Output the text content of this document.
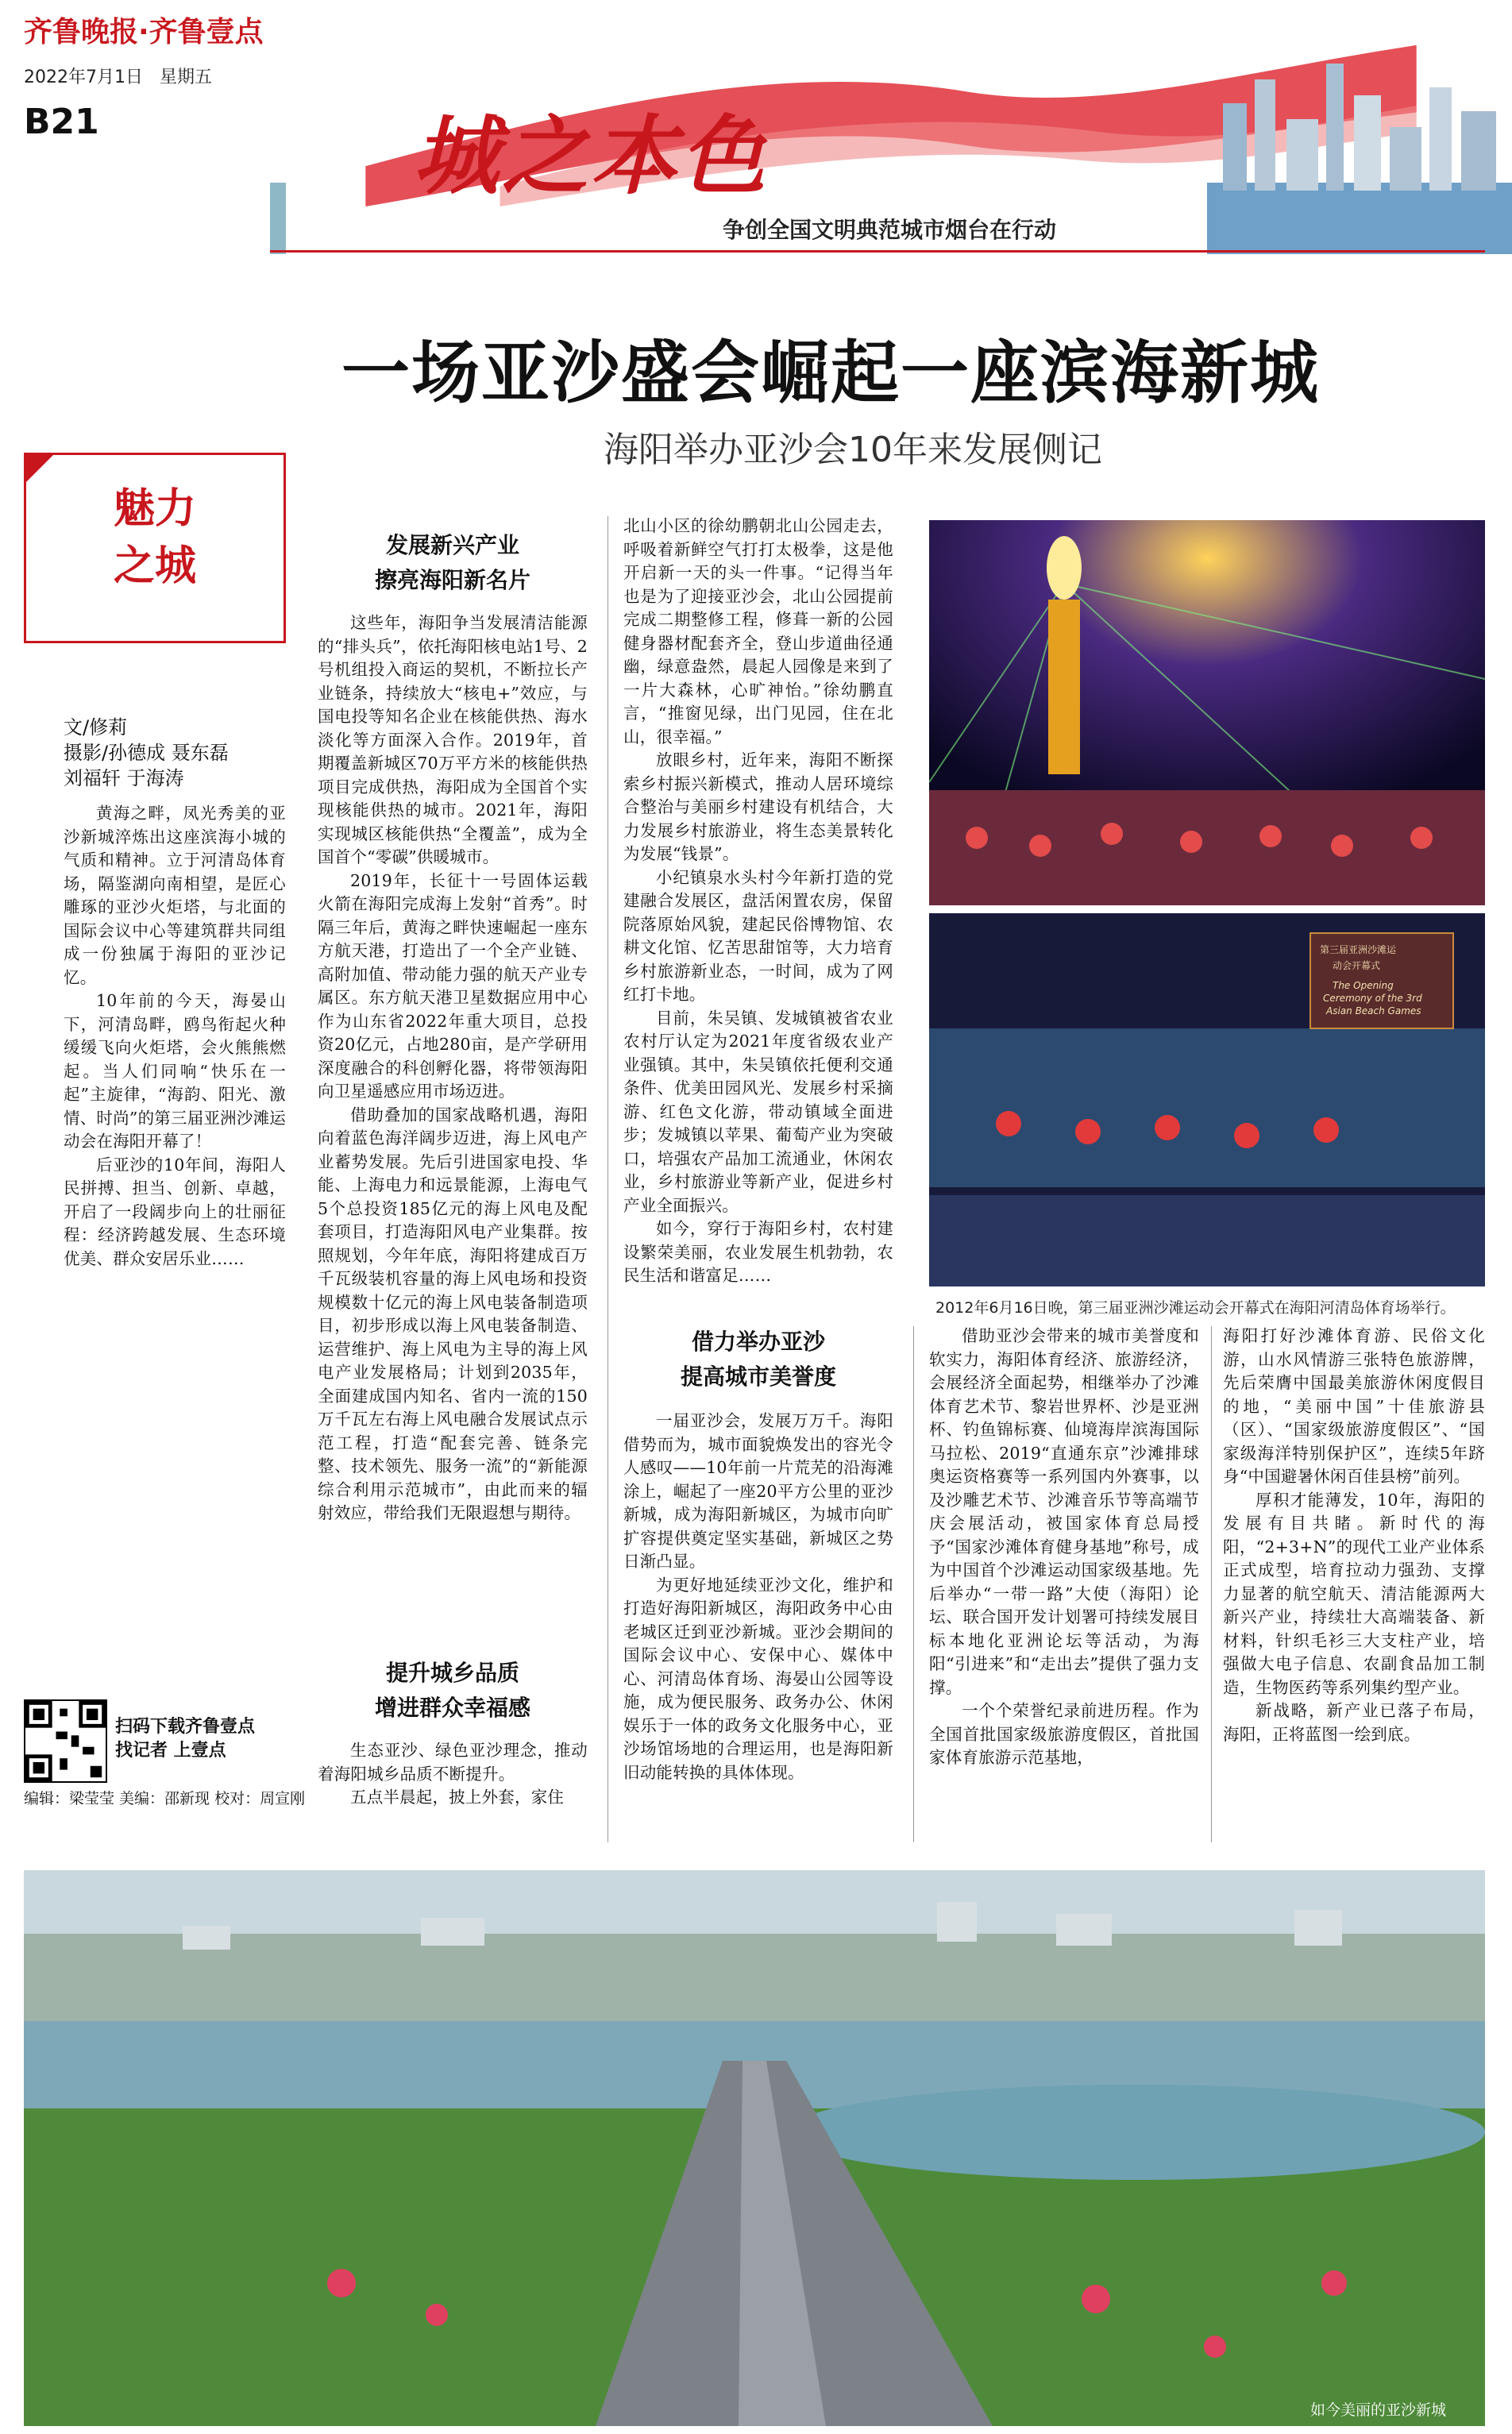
齐鲁晚报·齐鲁壹点
2022年7月1日 星期五
B21	城之本色
争创全国文明典范城市烟台在行动
一场亚沙盛会崛起一座滨海新城
海阳举办亚沙会10年来发展侧记
魅力
之城
文/修莉
摄影/孙德成 聂东磊
刘福轩 于海涛

黄海之畔，凤光秀美的亚沙新城淬炼出这座滨海小城的气质和精神。立于河清岛体育场，隔鉴湖向南相望，是匠心雕琢的亚沙火炬塔，与北面的国际会议中心等建筑群共同组成一份独属于海阳的亚沙记忆。

10年前的今天，海晏山下，河清岛畔，鸥鸟衔起火种缓缓飞向火炬塔，会火熊熊燃起。当人们同响“快乐在一起”主旋律，“海韵、阳光、激情、时尚”的第三届亚洲沙滩运动会在海阳开幕了！

后亚沙的10年间，海阳人民拼搏、担当、创新、卓越，开启了一段阔步向上的壮丽征程：经济跨越发展、生态环境优美、群众安居乐业……

扫码下载齐鲁壹点
找记者 上壹点
编辑：梁莹莹 美编：邵新现 校对：周宣刚
发展新兴产业
擦亮海阳新名片

这些年，海阳争当发展清洁能源的“排头兵”，依托海阳核电站1号、2号机组投入商运的契机，不断拉长产业链条，持续放大“核电+”效应，与国电投等知名企业在核能供热、海水淡化等方面深入合作。2019年，首期覆盖新城区70万平方米的核能供热项目完成供热，海阳成为全国首个实现核能供热的城市。2021年，海阳实现城区核能供热“全覆盖”，成为全国首个“零碳”供暖城市。

2019年，长征十一号固体运载火箭在海阳完成海上发射“首秀”。时隔三年后，黄海之畔快速崛起一座东方航天港，打造出了一个全产业链、高附加值、带动能力强的航天产业专属区。东方航天港卫星数据应用中心作为山东省2022年重大项目，总投资20亿元，占地280亩，是产学研用深度融合的科创孵化器，将带领海阳向卫星遥感应用市场迈进。

借助叠加的国家战略机遇，海阳向着蓝色海洋阔步迈进，海上风电产业蓄势发展。先后引进国家电投、华能、上海电力和远景能源，上海电气5个总投资185亿元的海上风电及配套项目，打造海阳风电产业集群。按照规划，今年年底，海阳将建成百万千瓦级装机容量的海上风电场和投资规模数十亿元的海上风电装备制造项目，初步形成以海上风电装备制造、运营维护、海上风电为主导的海上风电产业发展格局；计划到2035年，全面建成国内知名、省内一流的150万千瓦左右海上风电融合发展试点示范工程，打造“配套完善、链条完整、技术领先、服务一流”的“新能源综合利用示范城市”，由此而来的辐射效应，带给我们无限遐想与期待。

提升城乡品质
增进群众幸福感

生态亚沙、绿色亚沙理念，推动着海阳城乡品质不断提升。

五点半晨起，披上外套，家住

北山小区的徐幼鹏朝北山公园走去，呼吸着新鲜空气打打太极拳，这是他开启新一天的头一件事。“记得当年也是为了迎接亚沙会，北山公园提前完成二期整修工程，修葺一新的公园健身器材配套齐全，登山步道曲径通幽，绿意盎然，晨起人园像是来到了一片大森林，心旷神怡。”徐幼鹏直言，“推窗见绿，出门见园，住在北山，很幸福。”

放眼乡村，近年来，海阳不断探索乡村振兴新模式，推动人居环境综合整治与美丽乡村建设有机结合，大力发展乡村旅游业，将生态美景转化为发展“钱景”。

小纪镇泉水头村今年新打造的党建融合发展区，盘活闲置农房，保留院落原始风貌，建起民俗博物馆、农耕文化馆、忆苦思甜馆等，大力培育乡村旅游新业态，一时间，成为了网红打卡地。

目前，朱吴镇、发城镇被省农业农村厅认定为2021年度省级农业产业强镇。其中，朱吴镇依托便利交通条件、优美田园风光、发展乡村采摘游、红色文化游，带动镇域全面进步；发城镇以苹果、葡萄产业为突破口，培强农产品加工流通业，休闲农业，乡村旅游业等新产业，促进乡村产业全面振兴。

如今，穿行于海阳乡村，农村建设繁荣美丽，农业发展生机勃勃，农民生活和谐富足……

借力举办亚沙
提高城市美誉度

一届亚沙会，发展万万千。海阳借势而为，城市面貌焕发出的容光令人感叹——10年前一片荒芜的沿海滩涂上，崛起了一座20平方公里的亚沙新城，成为海阳新城区，为城市向旷扩容提供奠定坚实基础，新城区之势日渐凸显。

为更好地延续亚沙文化，维护和打造好海阳新城区，海阳政务中心由老城区迁到亚沙新城。亚沙会期间的国际会议中心、安保中心、媒体中心、河清岛体育场、海晏山公园等设施，成为便民服务、政务办公、休闲娱乐于一体的政务文化服务中心，亚沙场馆场地的合理运用，也是海阳新旧动能转换的具体体现。

第三届亚洲沙滩运
动会开幕式
The Opening
Ceremony of the 3rd
Asian Beach Games
2012年6月16日晚，第三届亚洲沙滩运动会开幕式在海阳河清岛体育场举行。

借助亚沙会带来的城市美誉度和软实力，海阳体育经济、旅游经济，会展经济全面起势，相继举办了沙滩体育艺术节、黎岩世界杯、沙是亚洲杯、钓鱼锦标赛、仙境海岸滨海国际马拉松、2019“直通东京”沙滩排球奥运资格赛等一系列国内外赛事，以及沙雕艺术节、沙滩音乐节等高端节庆会展活动，被国家体育总局授予“国家沙滩体育健身基地”称号，成为中国首个沙滩运动国家级基地。先后举办“一带一路”大使（海阳）论坛、联合国开发计划署可持续发展目标本地化亚洲论坛等活动，为海阳“引进来”和“走出去”提供了强力支撑。

一个个荣誉纪录前进历程。作为全国首批国家级旅游度假区，首批国家体育旅游示范基地，

海阳打好沙滩体育游、民俗文化游，山水风情游三张特色旅游牌，先后荣膺中国最美旅游休闲度假目的地，“美丽中国”十佳旅游县（区）、“国家级旅游度假区”、“国家级海洋特别保护区”，连续5年跻身“中国避暑休闲百佳县榜”前列。

厚积才能薄发，10年，海阳的发展有目共睹。新时代的海阳，“2+3+N”的现代工业产业体系正式成型，培育拉动力强劲、支撑力显著的航空航天、清洁能源两大新兴产业，持续壮大高端装备、新材料，针织毛衫三大支柱产业，培强做大电子信息、农副食品加工制造，生物医药等系列集约型产业。

新战略，新产业已落子布局，海阳，正将蓝图一绘到底。

如今美丽的亚沙新城
